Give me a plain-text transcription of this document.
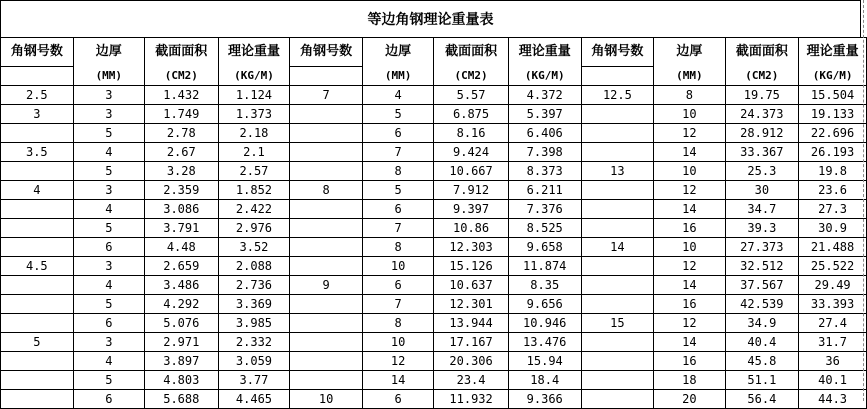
等边角钢理论重量表
角钢号数	边厚	截面面积	理论重量	角钢号数	边厚	截面面积	理论重量	角钢号数	边厚	截面面积	理论重量
	(MM)	(CM2)	(KG/M)		(MM)	(CM2)	(KG/M)		(MM)	(CM2)	(KG/M)
2.5	3	1.432	1.124	7	4	5.57	4.372	12.5	8	19.75	15.504
3	3	1.749	1.373		5	6.875	5.397		10	24.373	19.133
	5	2.78	2.18		6	8.16	6.406		12	28.912	22.696
3.5	4	2.67	2.1		7	9.424	7.398		14	33.367	26.193
	5	3.28	2.57		8	10.667	8.373	13	10	25.3	19.8
4	3	2.359	1.852	8	5	7.912	6.211		12	30	23.6
	4	3.086	2.422		6	9.397	7.376		14	34.7	27.3
	5	3.791	2.976		7	10.86	8.525		16	39.3	30.9
	6	4.48	3.52		8	12.303	9.658	14	10	27.373	21.488
4.5	3	2.659	2.088		10	15.126	11.874		12	32.512	25.522
	4	3.486	2.736	9	6	10.637	8.35		14	37.567	29.49
	5	4.292	3.369		7	12.301	9.656		16	42.539	33.393
	6	5.076	3.985		8	13.944	10.946	15	12	34.9	27.4
5	3	2.971	2.332		10	17.167	13.476		14	40.4	31.7
	4	3.897	3.059		12	20.306	15.94		16	45.8	36
	5	4.803	3.77		14	23.4	18.4		18	51.1	40.1
	6	5.688	4.465	10	6	11.932	9.366		20	56.4	44.3
